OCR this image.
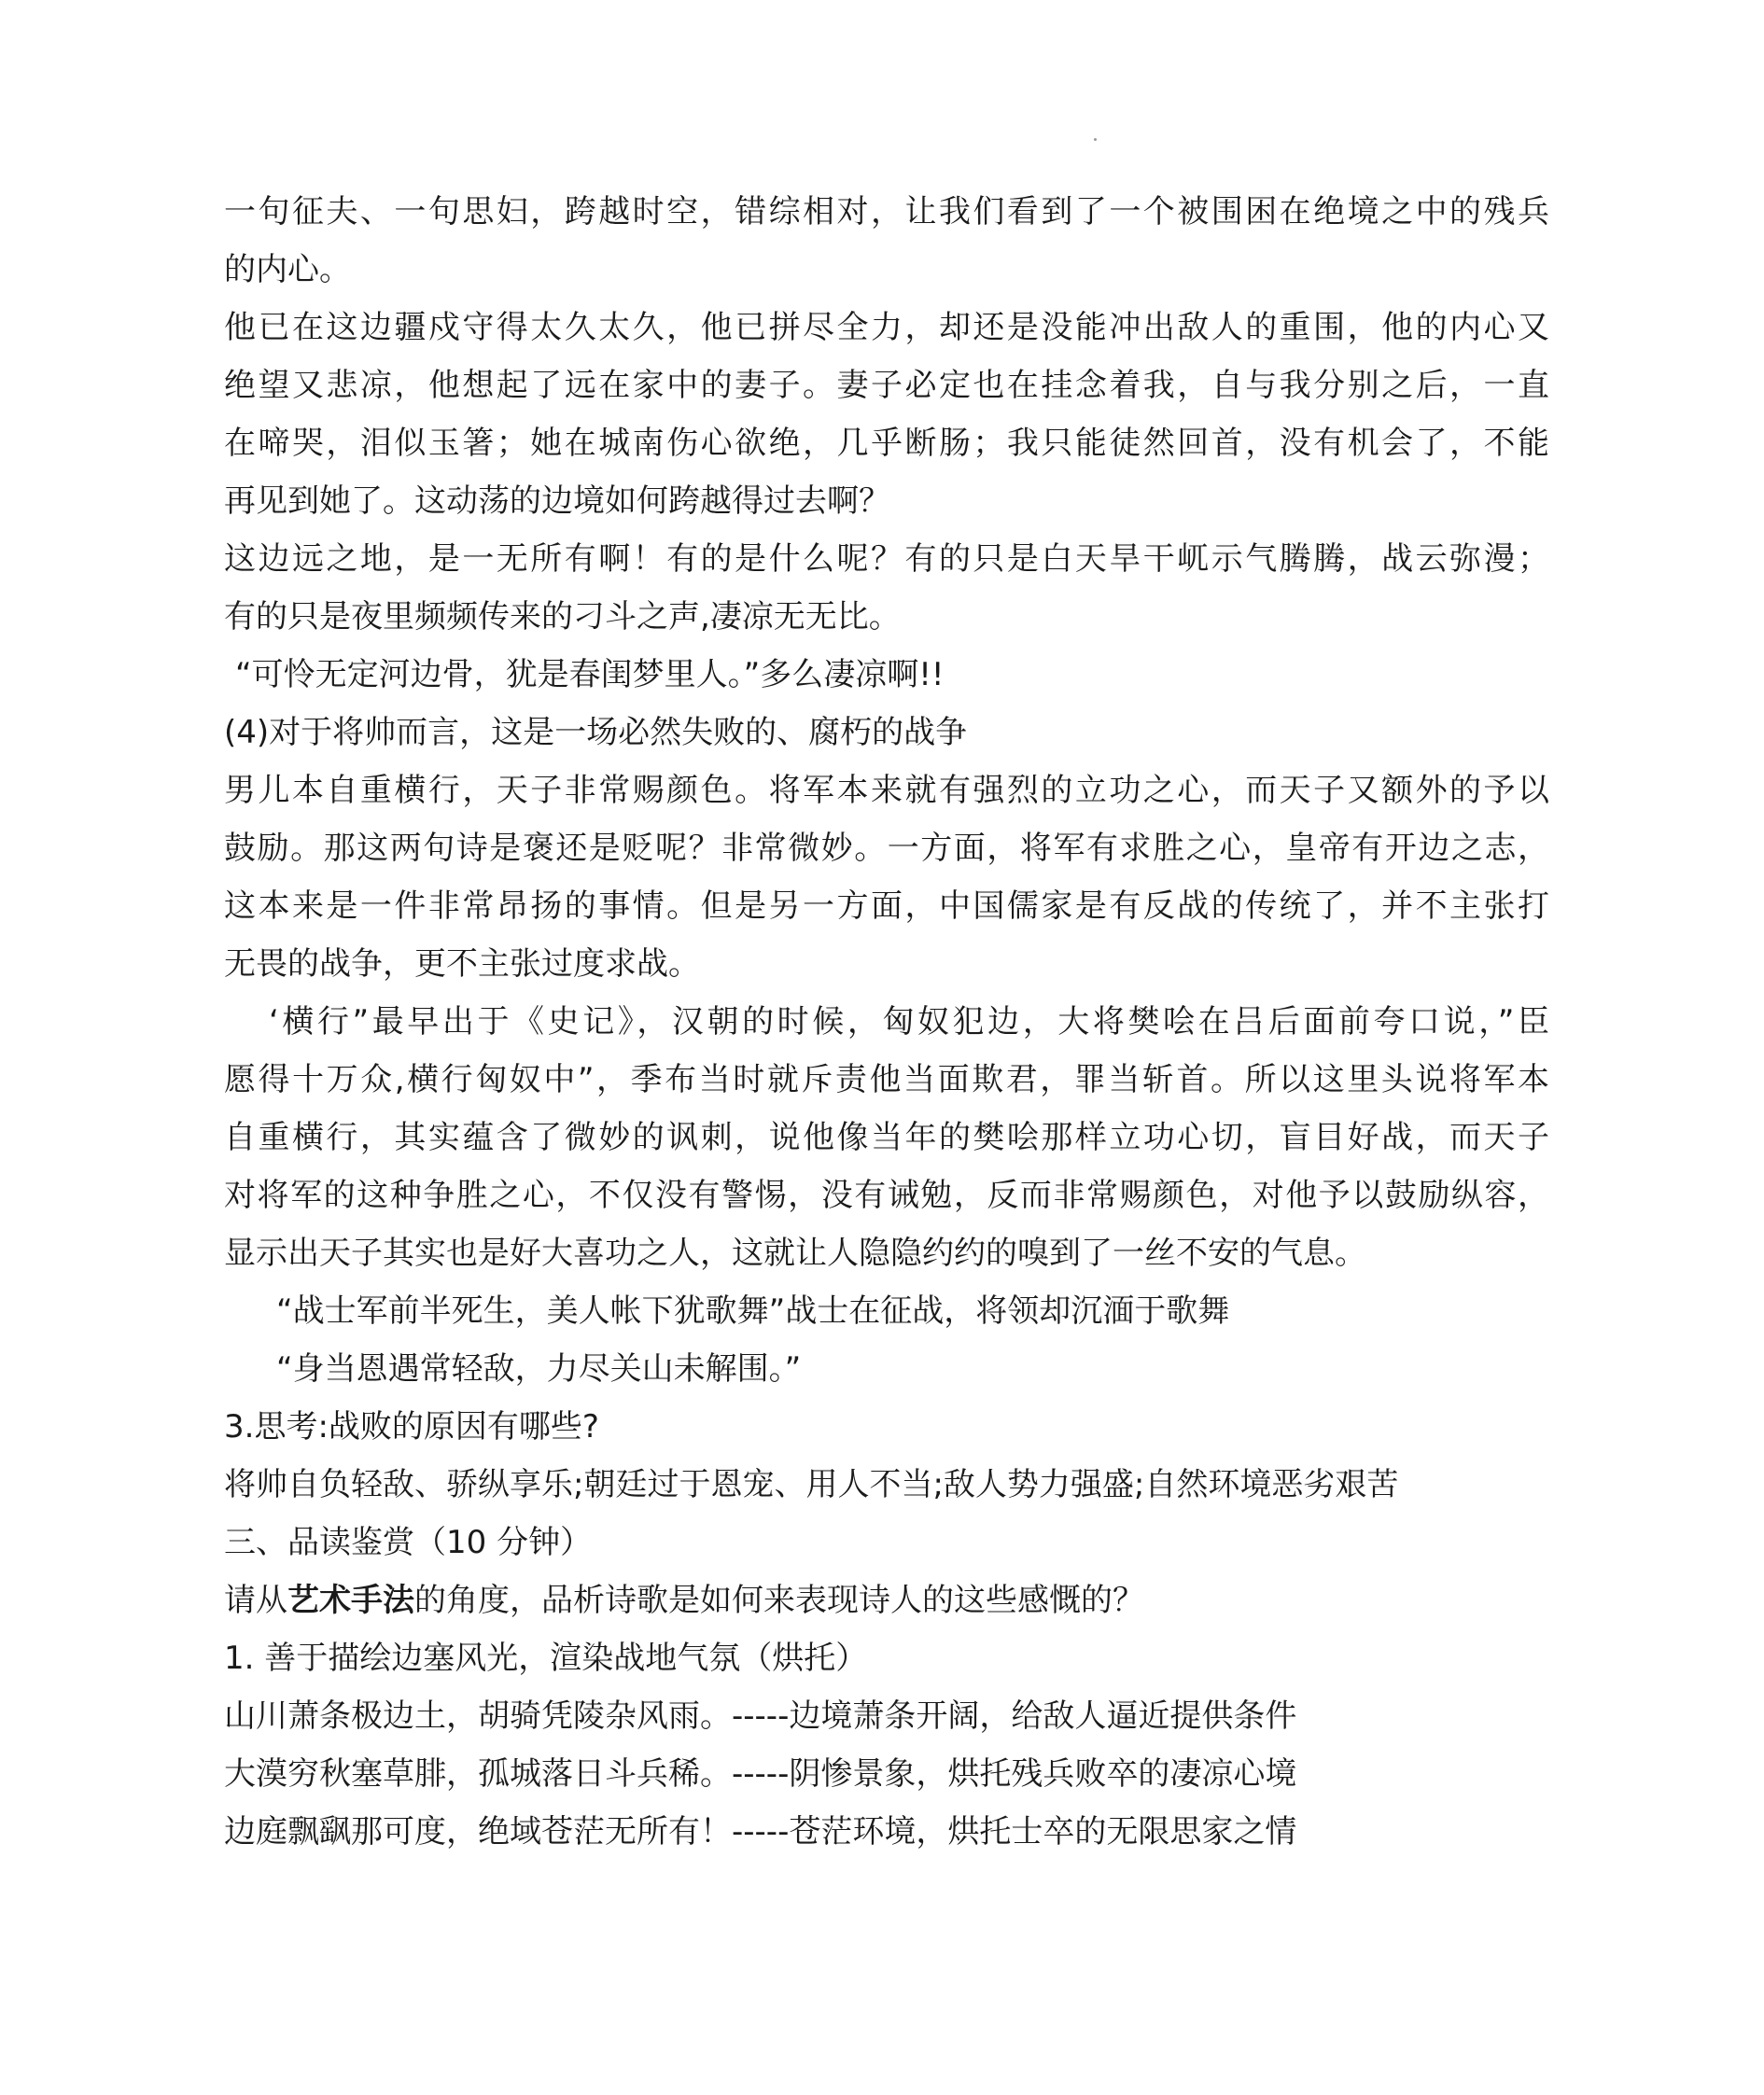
一句征夫、一句思妇，跨越时空，错综相对，让我们看到了一个被围困在绝境之中的残兵
的内心。
他已在这边疆戍守得太久太久，他已拼尽全力，却还是没能冲出敌人的重围，他的内心又
绝望又悲凉，他想起了远在家中的妻子。妻子必定也在挂念着我，自与我分别之后，一直
在啼哭，泪似玉箸；她在城南伤心欲绝，几乎断肠；我只能徒然回首，没有机会了，不能
再见到她了。这动荡的边境如何跨越得过去啊？
这边远之地，是一无所有啊！有的是什么呢？有的只是白天旱干屼示气腾腾，战云弥漫；
有的只是夜里频频传来的刁斗之声,凄凉无无比。
“可怜无定河边骨，犹是春闺梦里人。”多么凄凉啊!!
(4)对于将帅而言，这是一场必然失败的、腐朽的战争
男儿本自重横行，天子非常赐颜色。将军本来就有强烈的立功之心，而天子又额外的予以
鼓励。那这两句诗是褒还是贬呢？非常微妙。一方面，将军有求胜之心，皇帝有开边之志，
这本来是一件非常昂扬的事情。但是另一方面，中国儒家是有反战的传统了，并不主张打
无畏的战争，更不主张过度求战。
‘横行”最早出于《史记》，汉朝的时候，匈奴犯边，大将樊哙在吕后面前夸口说，”臣
愿得十万众,横行匈奴中”，季布当时就斥责他当面欺君，罪当斩首。所以这里头说将军本
自重横行，其实蕴含了微妙的讽刺，说他像当年的樊哙那样立功心切，盲目好战，而天子
对将军的这种争胜之心，不仅没有警惕，没有诫勉，反而非常赐颜色，对他予以鼓励纵容，
显示出天子其实也是好大喜功之人，这就让人隐隐约约的嗅到了一丝不安的气息。
“战士军前半死生，美人帐下犹歌舞”战士在征战，将领却沉湎于歌舞
“身当恩遇常轻敌，力尽关山未解围。”
3.思考:战败的原因有哪些?
将帅自负轻敌、骄纵享乐;朝廷过于恩宠、用人不当;敌人势力强盛;自然环境恶劣艰苦
三、品读鉴赏（10 分钟）
请从艺术手法的角度，品析诗歌是如何来表现诗人的这些感慨的？
1. 善于描绘边塞风光，渲染战地气氛（烘托）
山川萧条极边土，胡骑凭陵杂风雨。-----边境萧条开阔，给敌人逼近提供条件
大漠穷秋塞草腓，孤城落日斗兵稀。-----阴惨景象，烘托残兵败卒的凄凉心境
边庭飘飖那可度，绝域苍茫无所有！-----苍茫环境，烘托士卒的无限思家之情
